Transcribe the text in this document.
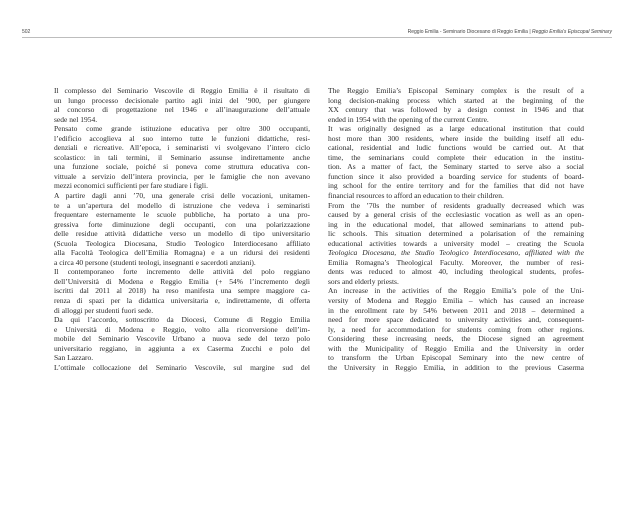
502	Reggio Emilia - Seminario Diocesano di Reggio Emilia | Reggio Emilia’s Episcopal Seminary
Il complesso del Seminario Vescovile di Reggio Emilia è il risultato di
un lungo processo decisionale partito agli inizi del ’900, per giungere
al concorso di progettazione nel 1946 e all’inaugurazione dell’attuale
sede nel 1954.
Pensato come grande istituzione educativa per oltre 300 occupanti,
l’edificio accoglieva al suo interno tutte le funzioni didattiche, resi-
denziali e ricreative. All’epoca, i seminaristi vi svolgevano l’intero ciclo
scolastico: in tali termini, il Seminario assunse indirettamente anche
una funzione sociale, poiché si poneva come struttura educativa con-
vittuale a servizio dell’intera provincia, per le famiglie che non avevano
mezzi economici sufficienti per fare studiare i figli.
A partire dagli anni ’70, una generale crisi delle vocazioni, unitamen-
te a un’apertura del modello di istruzione che vedeva i seminaristi
frequentare esternamente le scuole pubbliche, ha portato a una pro-
gressiva forte diminuzione degli occupanti, con una polarizzazione
delle residue attività didattiche verso un modello di tipo universitario
(Scuola Teologica Diocesana, Studio Teologico Interdiocesano affiliato
alla Facoltà Teologica dell’Emilia Romagna) e a un ridursi dei residenti
a circa 40 persone (studenti teologi, insegnanti e sacerdoti anziani).
Il contemporaneo forte incremento delle attività del polo reggiano
dell’Università di Modena e Reggio Emilia (+ 54% l’incremento degli
iscritti dal 2011 al 2018) ha reso manifesta una sempre maggiore ca-
renza di spazi per la didattica universitaria e, indirettamente, di offerta
di alloggi per studenti fuori sede.
Da qui l’accordo, sottoscritto da Diocesi, Comune di Reggio Emilia
e Università di Modena e Reggio, volto alla riconversione dell’im-
mobile del Seminario Vescovile Urbano a nuova sede del terzo polo
universitario reggiano, in aggiunta a ex Caserma Zucchi e polo del
San Lazzaro.
L’ottimale collocazione del Seminario Vescovile, sul margine sud del
The Reggio Emilia’s Episcopal Seminary complex is the result of a
long decision-making process which started at the beginning of the
XX century that was followed by a design contest in 1946 and that
ended in 1954 with the opening of the current Centre.
It was originally designed as a large educational institution that could
host more than 300 residents, where inside the building itself all edu-
cational, residential and ludic functions would be carried out. At that
time, the seminarians could complete their education in the institu-
tion. As a matter of fact, the Seminary started to serve also a social
function since it also provided a boarding service for students of board-
ing school for the entire territory and for the families that did not have
financial resources to afford an education to their children.
From the ’70s the number of residents gradually decreased which was
caused by a general crisis of the ecclesiastic vocation as well as an open-
ing in the educational model, that allowed seminarians to attend pub-
lic schools. This situation determined a polarisation of the remaining
educational activities towards a university model – creating the Scuola
Teologica Diocesana, the Studio Teologico Interdiocesano, affiliated with the
Emilia Romagna’s Theological Faculty. Moreover, the number of resi-
dents was reduced to almost 40, including theological students, profes-
sors and elderly priests.
An increase in the activities of the Reggio Emilia’s pole of the Uni-
versity of Modena and Reggio Emilia – which has caused an increase
in the enrollment rate by 54% between 2011 and 2018 – determined a
need for more space dedicated to university activities and, consequent-
ly, a need for accommodation for students coming from other regions.
Considering these increasing needs, the Diocese signed an agreement
with the Municipality of Reggio Emilia and the University in order
to transform the Urban Episcopal Seminary into the new centre of
the University in Reggio Emilia, in addition to the previous Caserma
